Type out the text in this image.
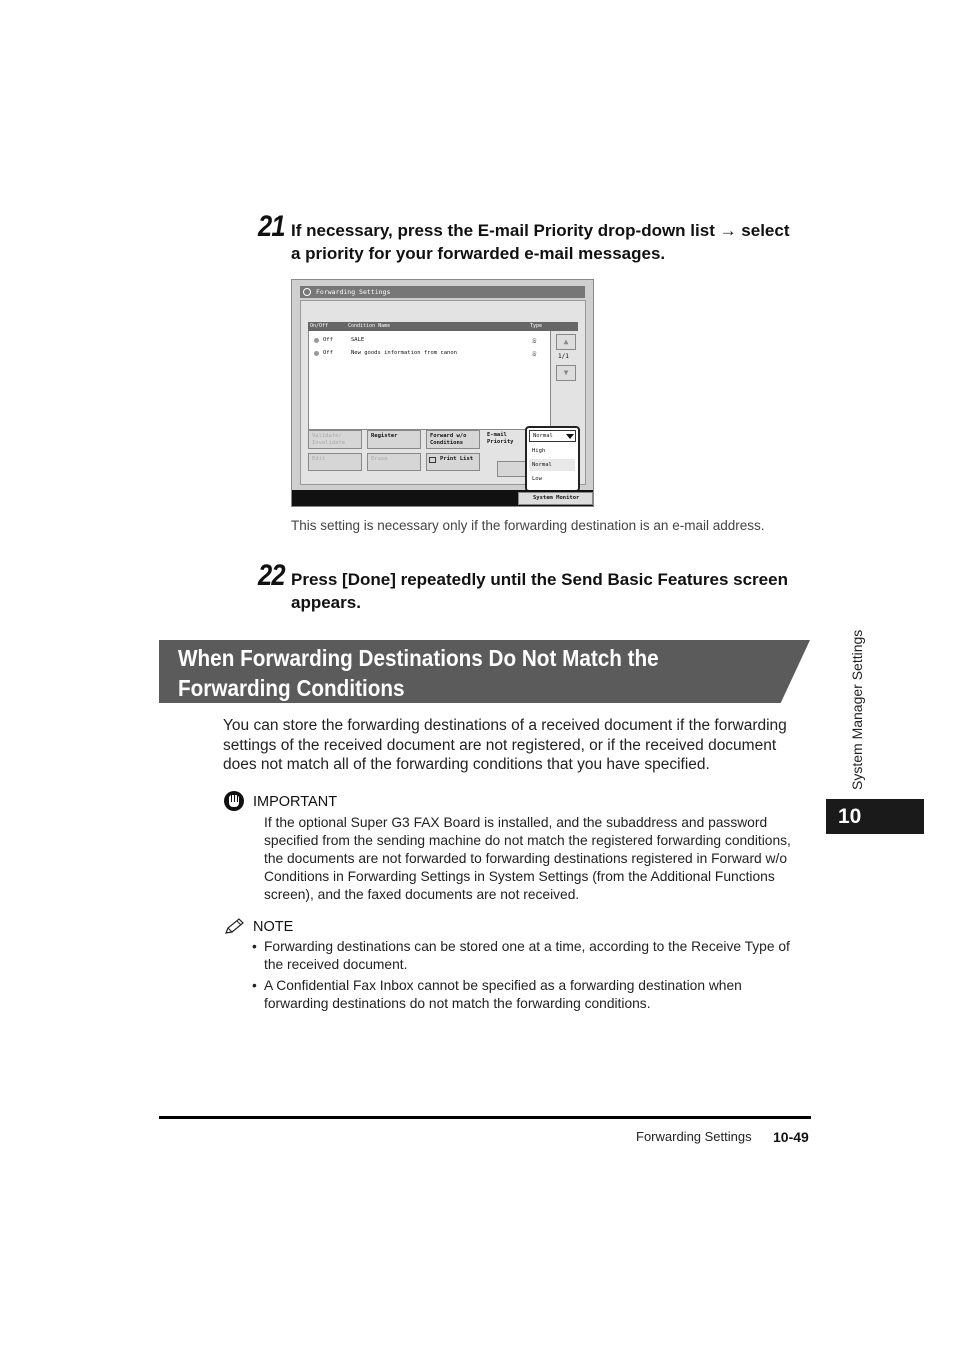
21 If necessary, press the E-mail Priority drop-down list → select
a priority for your forwarded e-mail messages.
Forwarding Settings
On/Off	Condition Name	Type
Off	SALE	☏
Off	New goods information from canon	☏
▲
1/1
▼
Validate/
Invalidate
Register	Forward w/o
Conditions
E-mail
Priority
Edit	Erase	Print List
Normal
High
Normal
Low
System Monitor
This setting is necessary only if the forwarding destination is an e-mail address.
22 Press [Done] repeatedly until the Send Basic Features screen
appears.
When Forwarding Destinations Do Not Match the
Forwarding Conditions
You can store the forwarding destinations of a received document if the forwarding
settings of the received document are not registered, or if the received document
does not match all of the forwarding conditions that you have specified.
IMPORTANT
If the optional Super G3 FAX Board is installed, and the subaddress and password
specified from the sending machine do not match the registered forwarding conditions,
the documents are not forwarded to forwarding destinations registered in Forward w/o
Conditions in Forwarding Settings in System Settings (from the Additional Functions
screen), and the faxed documents are not received.
NOTE
• Forwarding destinations can be stored one at a time, according to the Receive Type of
the received document.
• A Confidential Fax Inbox cannot be specified as a forwarding destination when
forwarding destinations do not match the forwarding conditions.
System Manager Settings
10
Forwarding Settings 10-49
